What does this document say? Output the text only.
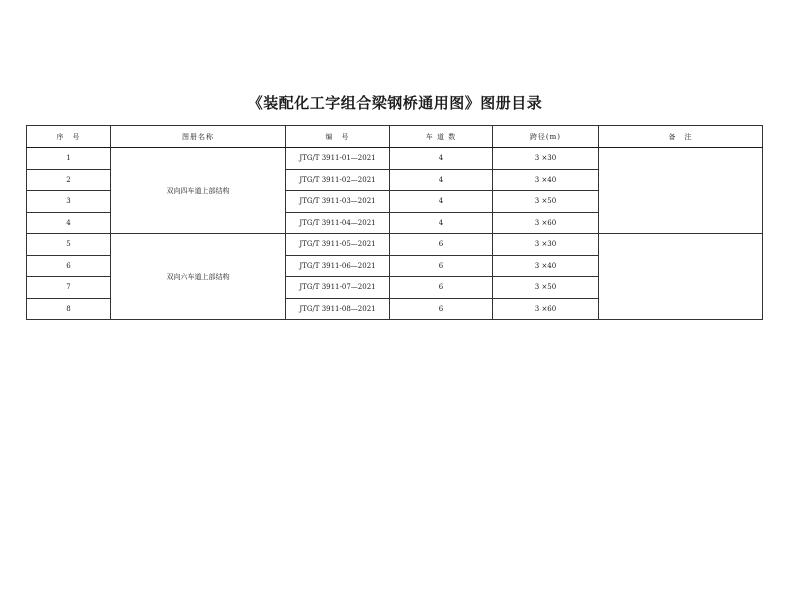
《装配化工字组合梁钢桥通用图》图册目录
序　号	图册名称	编　号	车 道 数	跨径(m)	备　注
1	双向四车道上部结构	JTG/T 3911-01—2021	4	3 ×30	
2		JTG/T 3911-02—2021	4	3 ×40	
3		JTG/T 3911-03—2021	4	3 ×50	
4		JTG/T 3911-04—2021	4	3 ×60	
5	双向六车道上部结构	JTG/T 3911-05—2021	6	3 ×30	
6		JTG/T 3911-06—2021	6	3 ×40	
7		JTG/T 3911-07—2021	6	3 ×50	
8		JTG/T 3911-08—2021	6	3 ×60	
